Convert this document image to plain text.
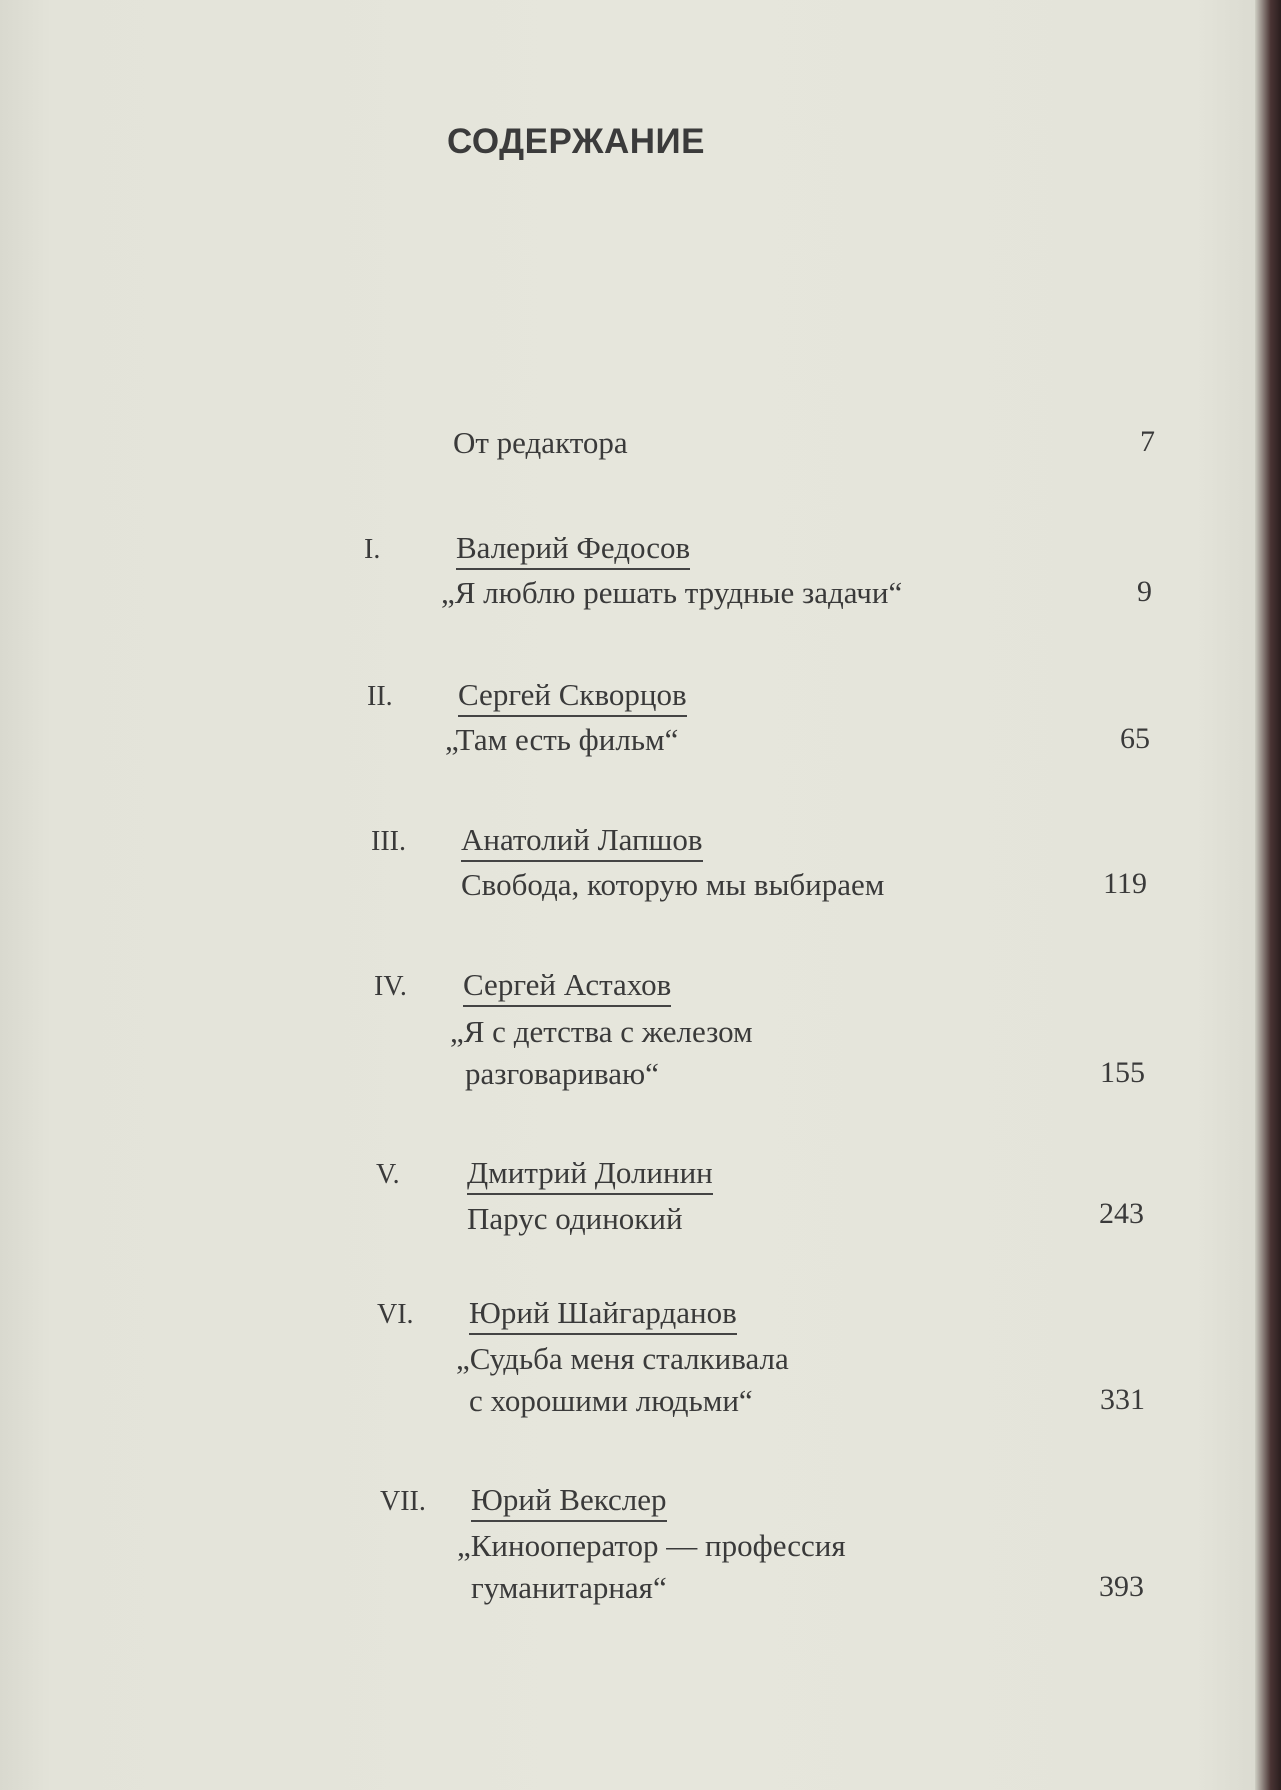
СОДЕРЖАНИЕ
От редактора	7
I. Валерий Федосов
„Я люблю решать трудные задачи“	9
II. Сергей Скворцов
„Там есть фильм“	65
III. Анатолий Лапшов
Свобода, которую мы выбираем	119
IV. Сергей Астахов
„Я с детства с железом
разговариваю“	155
V. Дмитрий Долинин
Парус одинокий	243
VI. Юрий Шайгарданов
„Судьба меня сталкивала
с хорошими людьми“	331
VII. Юрий Векслер
„Кинооператор — профессия
гуманитарная“	393
